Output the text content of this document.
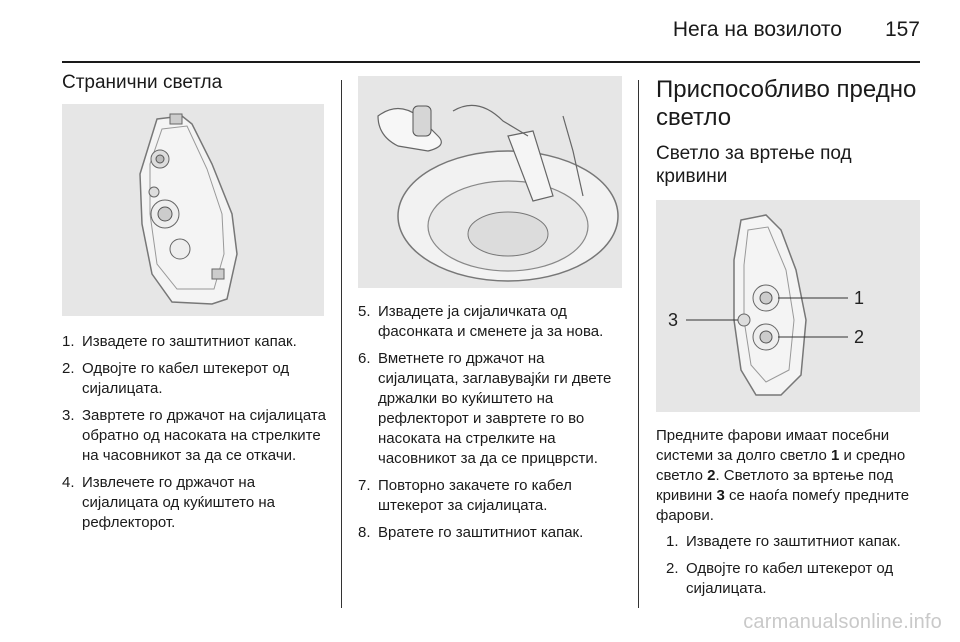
Нега на возилото 157
Странични светла
1. Извадете го заштитниот капак.
2. Одвојте го кабел штекерот од сијалицата.
3. Завртете го држачот на сијалицата обратно од насоката на стрелките на часовникот за да се откачи.
4. Извлечете го држачот на сијалицата од куќиштето на рефлекторот.
5. Извадете ја сијаличката од фасонката и сменете ја за нова.
6. Вметнете го држачот на сијалицата, заглавувајќи ги двете држалки во куќиштето на рефлекторот и завртете го во насоката на стрелките на часовникот за да се прицврсти.
7. Повторно закачете го кабел штекерот за сијалицата.
8. Вратете го заштитниот капак.
Приспособливо предно светло
Светло за вртење под кривини
1
2
3

Предните фарови имаат посебни системи за долго светло 1 и средно светло 2. Светлото за вртење под кривини 3 се наоѓа помеѓу предните фарови.

1. Извадете го заштитниот капак.
2. Одвојте го кабел штекерот од сијалицата.
carmanualsonline.info
